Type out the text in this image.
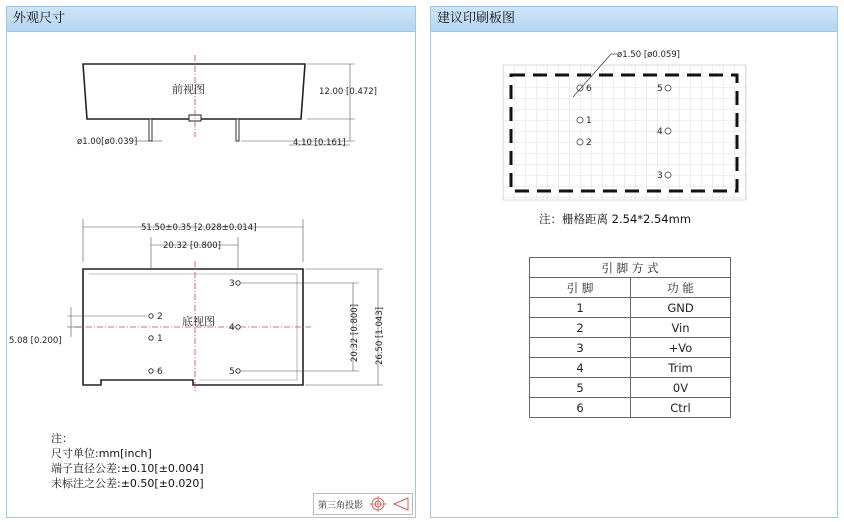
外观尺寸
前视图	12.00 [0.472]
4.10 [0.161]
ø1.00[ø0.039]
51.50±0.35 [2.028±0.014]
20.32 [0.800]
底视图
2
1
6
3
4
5
5.08 [0.200]	20.32 [0.800] 26.50 [1.043]
注：
尺寸单位:mm[inch]
端子直径公差:±0.10[±0.004]
未标注之公差:±0.50[±0.020]
第三角投影
建议印刷板图
6
1
2
5
4
3
ø1.50 [ø0.059]
注：栅格距离 2.54*2.54mm
引 脚 方 式	
引 脚	功 能
1	GND
2	Vin
3	+Vo
4	Trim
5	0V
6	Ctrl
